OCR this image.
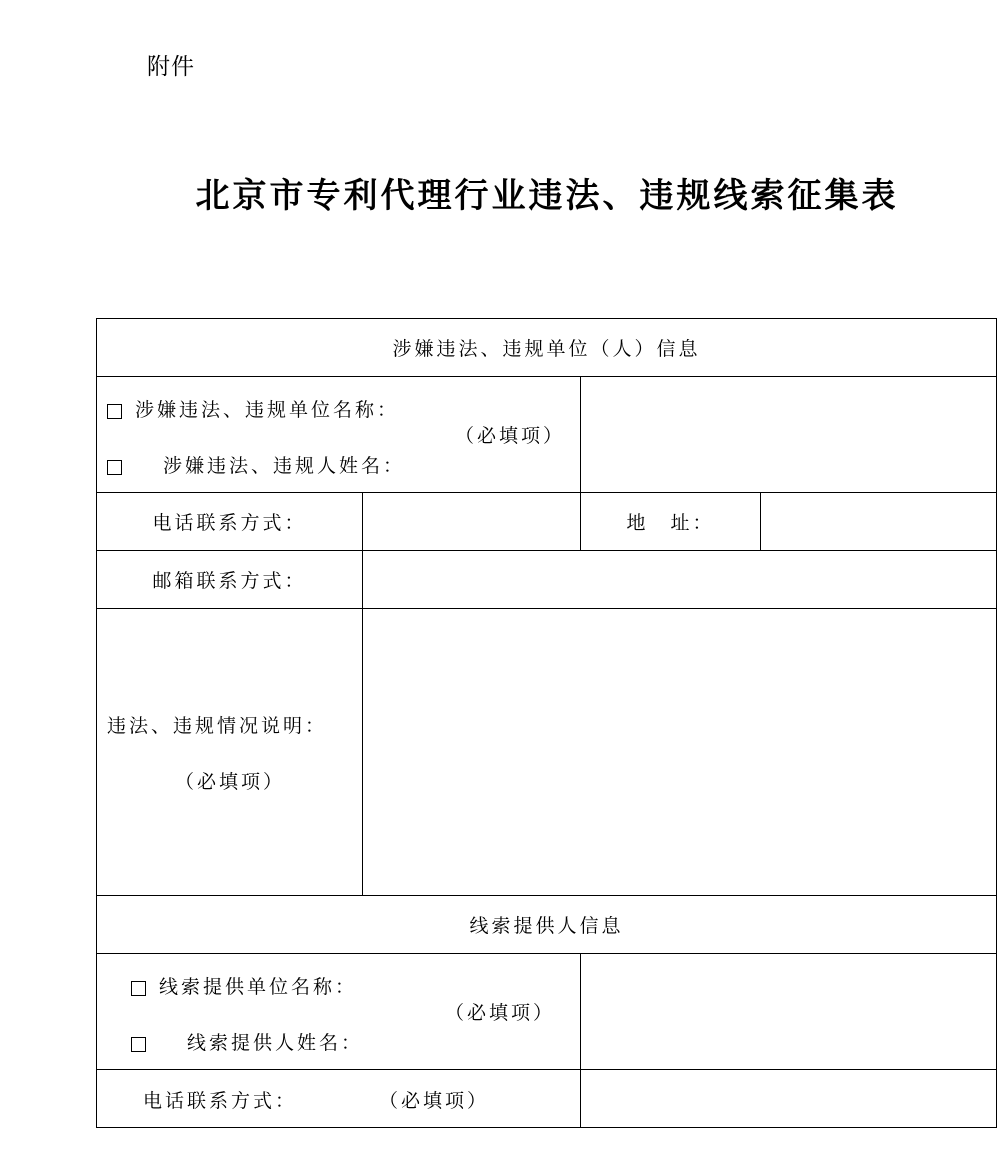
附件
北京市专利代理行业违法、违规线索征集表
涉嫌违法、违规单位（人）信息			

涉嫌违法、违规单位名称：
（必填项）
涉嫌违法、违规人姓名：			

电话联系方式：		地　址：	
邮箱联系方式：			

违法、违规情况说明：
（必填项）			

线索提供人信息			

线索提供单位名称：
（必填项）
线索提供人姓名：			

电话联系方式： （必填项）			
